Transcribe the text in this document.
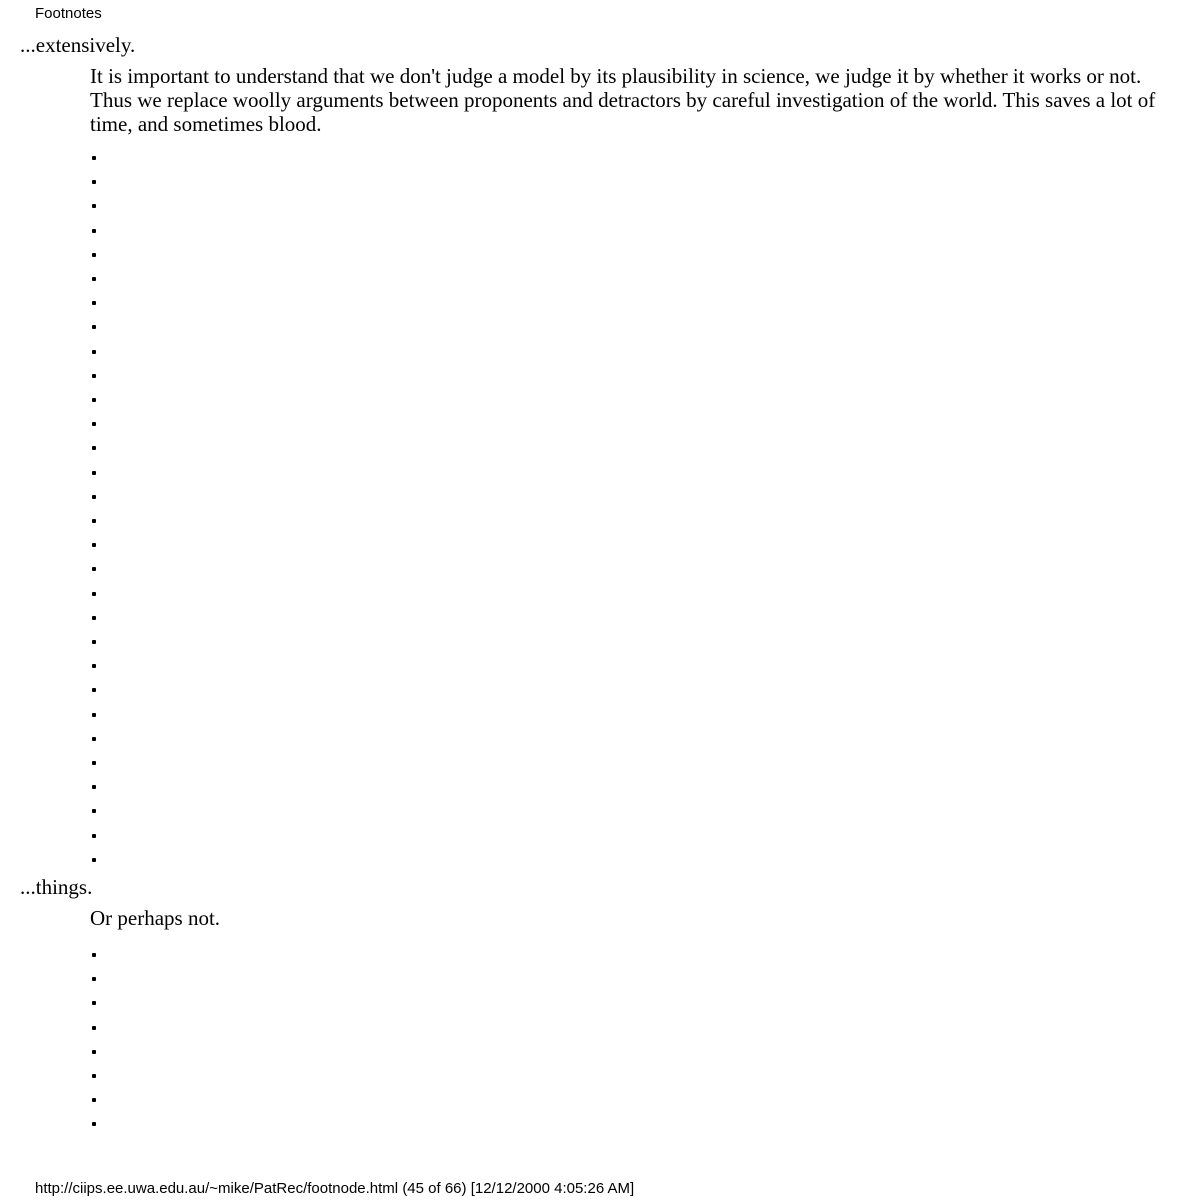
Footnotes
...extensively.
It is important to understand that we don't judge a model by its plausibility in science, we judge it by whether it works or not. Thus we replace woolly arguments between proponents and detractors by careful investigation of the world. This saves a lot of time, and sometimes blood.
...things.
Or perhaps not.
http://ciips.ee.uwa.edu.au/~mike/PatRec/footnode.html (45 of 66) [12/12/2000 4:05:26 AM]
